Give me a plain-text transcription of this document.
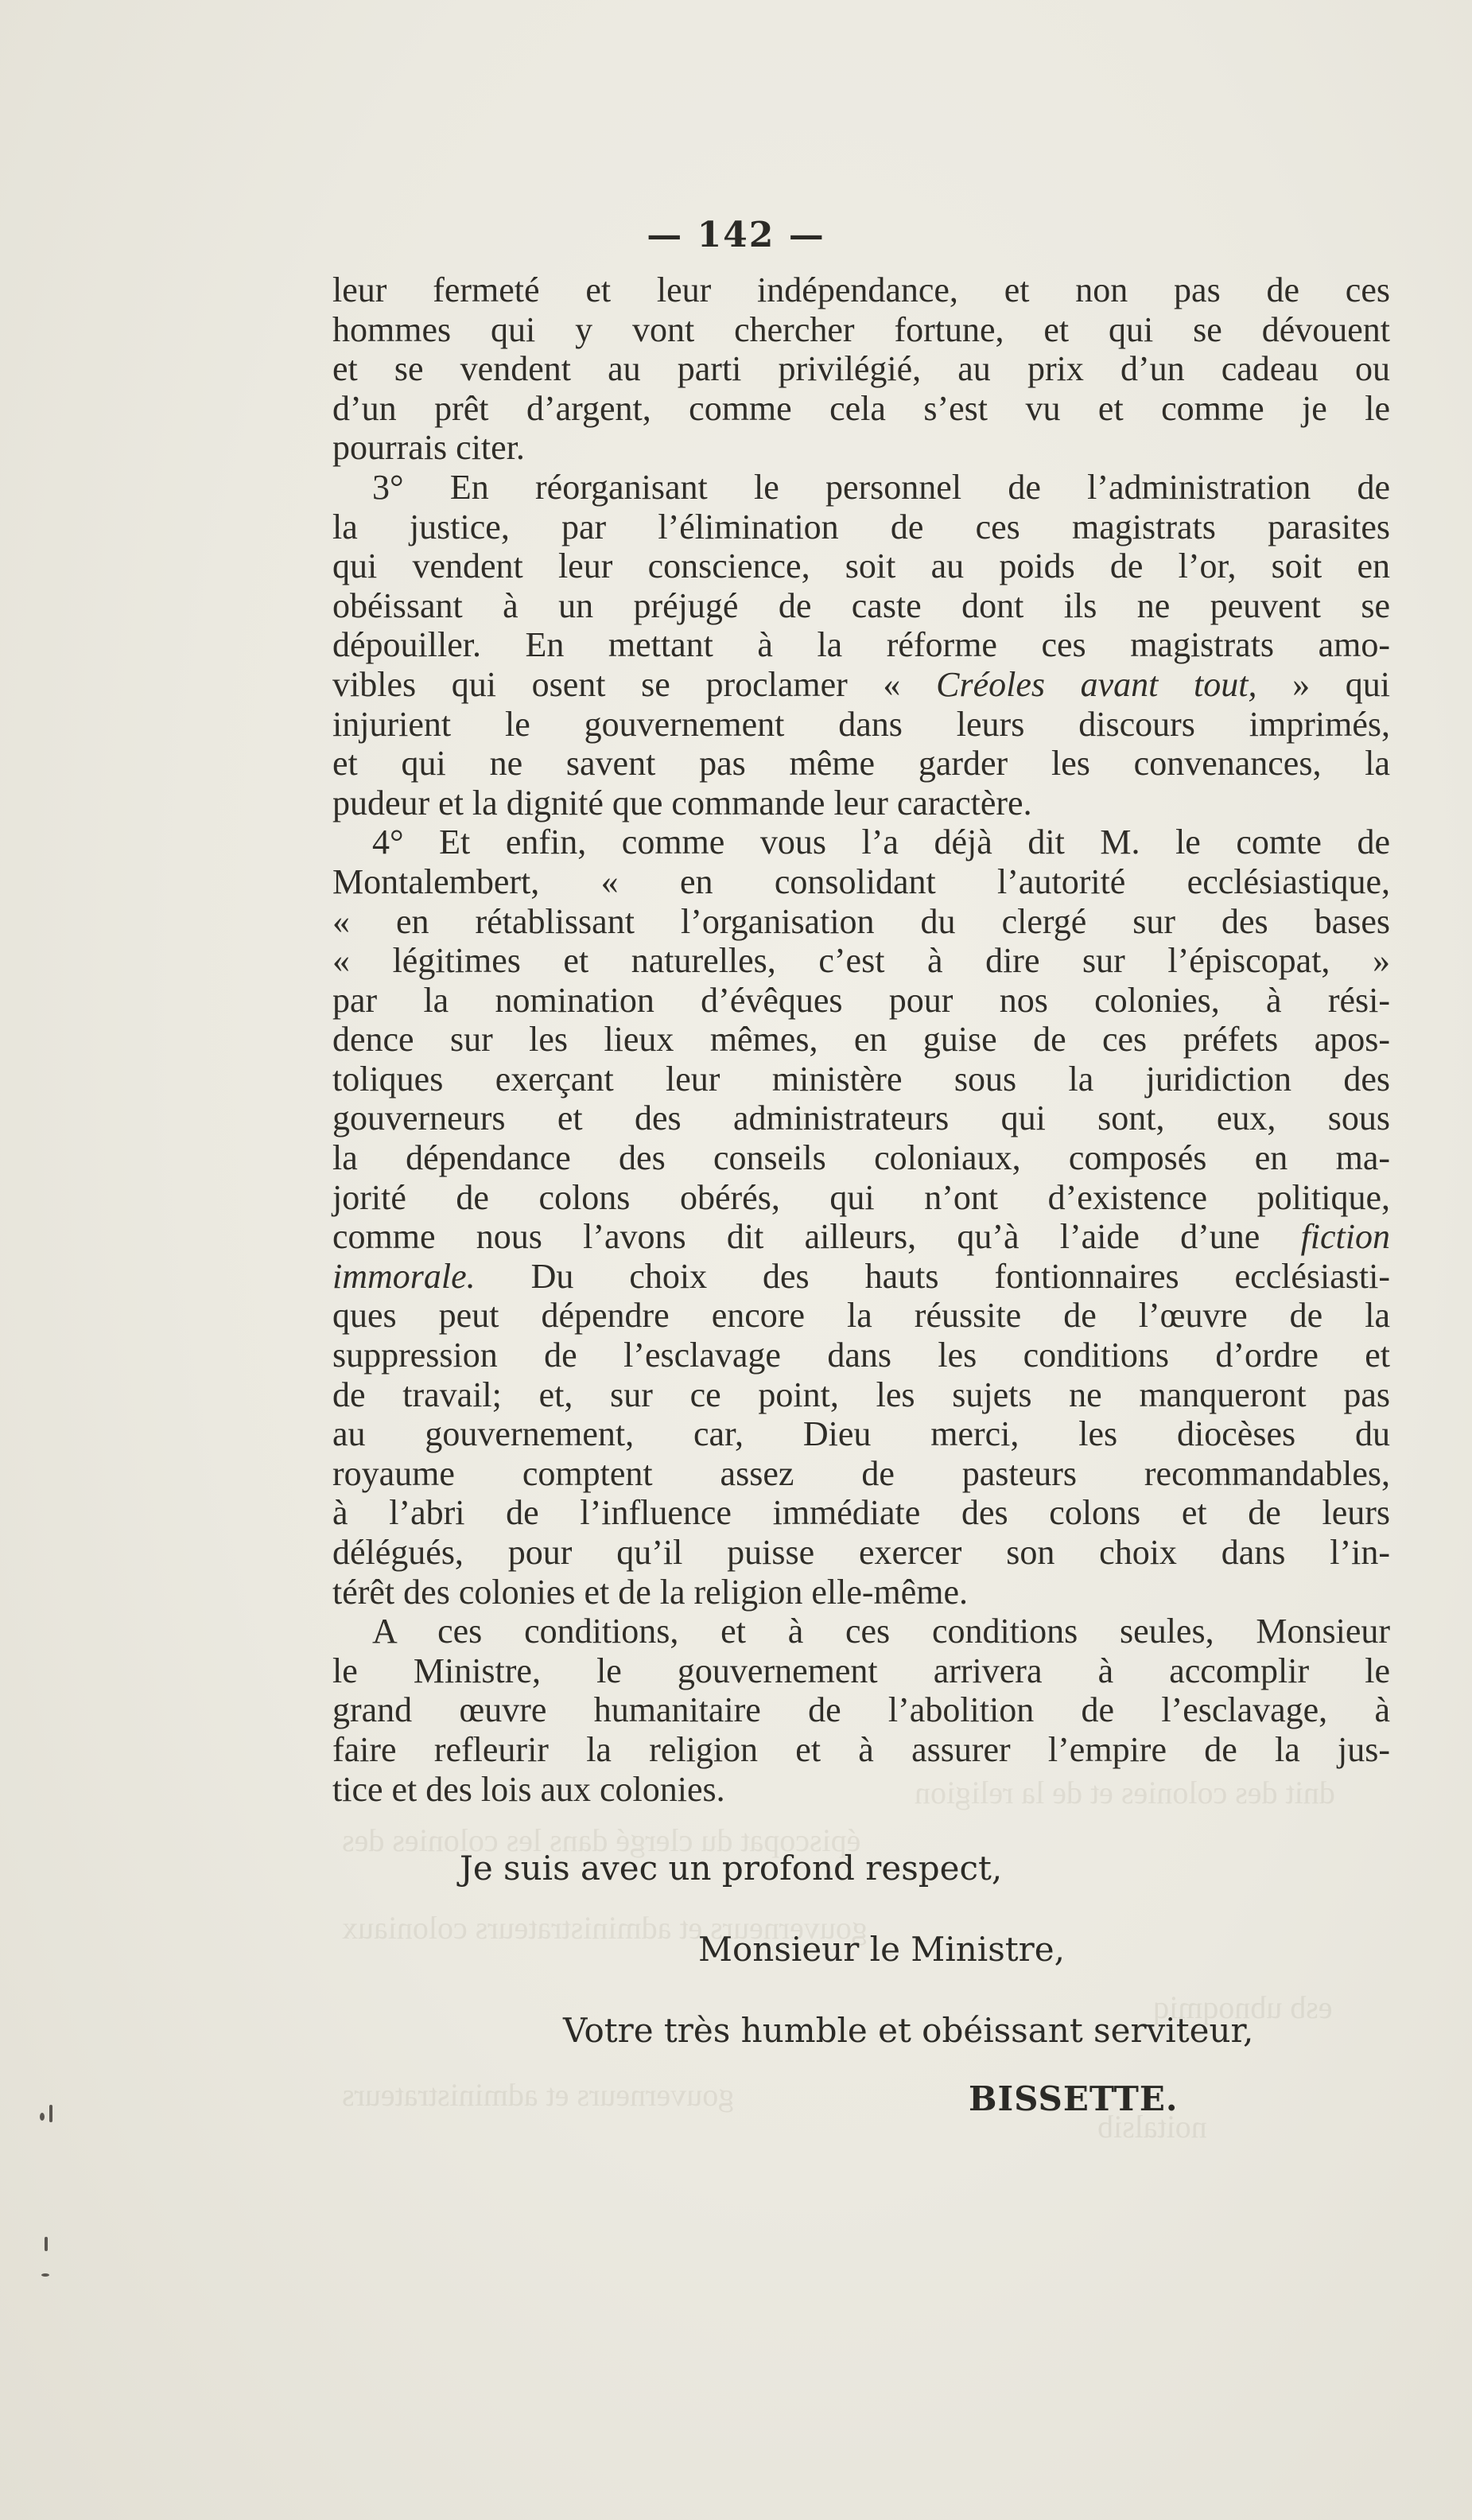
dnit des colonies et de la religion
épiscopat du clergé dans les colonies des
gouverneurs et administrateurs coloniaux
esb ubnoqmiq
gouverneurs et administrateurs
noitalsib
— 142 —
leur fermeté et leur indépendance, et non pas de ces
hommes qui y vont chercher fortune, et qui se dévouent
et se vendent au parti privilégié, au prix d’un cadeau ou
d’un prêt d’argent, comme cela s’est vu et comme je le
pourrais citer.
3° En réorganisant le personnel de l’administration de
la justice, par l’élimination de ces magistrats parasites
qui vendent leur conscience, soit au poids de l’or, soit en
obéissant à un préjugé de caste dont ils ne peuvent se
dépouiller. En mettant à la réforme ces magistrats amo-
vibles qui osent se proclamer « Créoles avant tout, » qui
injurient le gouvernement dans leurs discours imprimés,
et qui ne savent pas même garder les convenances, la
pudeur et la dignité que commande leur caractère.
4° Et enfin, comme vous l’a déjà dit M. le comte de
Montalembert, « en consolidant l’autorité ecclésiastique,
« en rétablissant l’organisation du clergé sur des bases
« légitimes et naturelles, c’est à dire sur l’épiscopat, »
par la nomination d’évêques pour nos colonies, à rési-
dence sur les lieux mêmes, en guise de ces préfets apos-
toliques exerçant leur ministère sous la juridiction des
gouverneurs et des administrateurs qui sont, eux, sous
la dépendance des conseils coloniaux, composés en ma-
jorité de colons obérés, qui n’ont d’existence politique,
comme nous l’avons dit ailleurs, qu’à l’aide d’une fiction
immorale. Du choix des hauts fontionnaires ecclésiasti-
ques peut dépendre encore la réussite de l’œuvre de la
suppression de l’esclavage dans les conditions d’ordre et
de travail; et, sur ce point, les sujets ne manqueront pas
au gouvernement, car, Dieu merci, les diocèses du
royaume comptent assez de pasteurs recommandables,
à l’abri de l’influence immédiate des colons et de leurs
délégués, pour qu’il puisse exercer son choix dans l’in-
térêt des colonies et de la religion elle-même.
A ces conditions, et à ces conditions seules, Monsieur
le Ministre, le gouvernement arrivera à accomplir le
grand œuvre humanitaire de l’abolition de l’esclavage, à
faire refleurir la religion et à assurer l’empire de la jus-
tice et des lois aux colonies.
Je suis avec un profond respect,
Monsieur le Ministre,
Votre très humble et obéissant serviteur,
BISSETTE.
